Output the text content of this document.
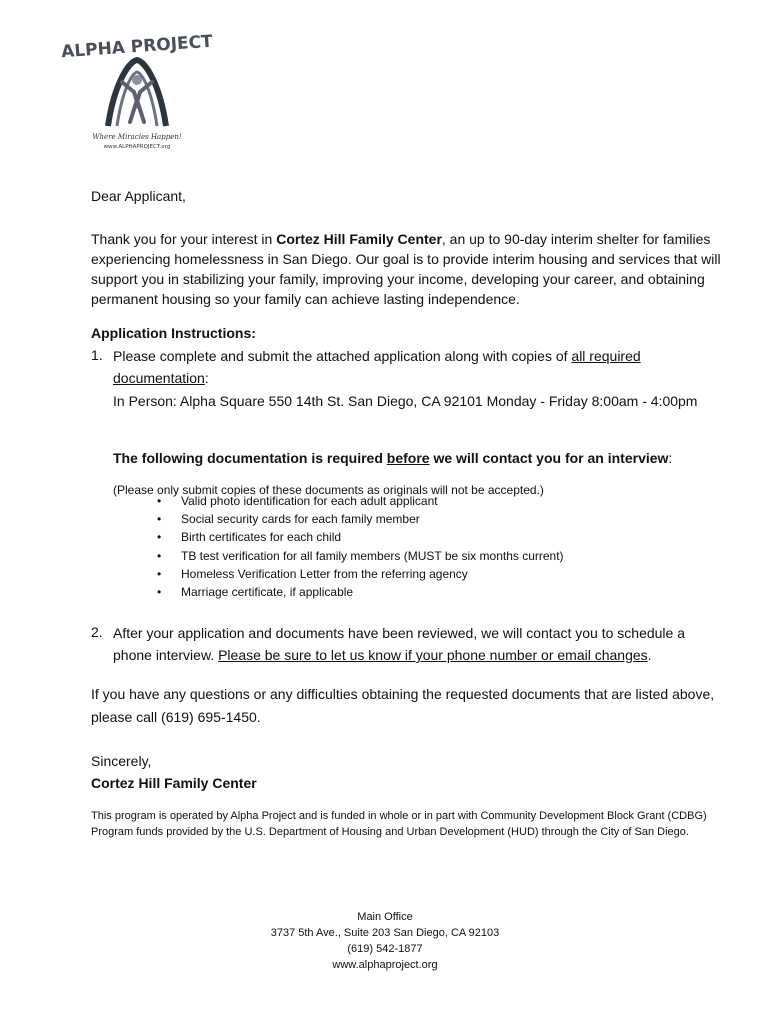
ALPHA PROJECT
Where Miracles Happen!
www.ALPHAPROJECT.org

Dear Applicant,

Thank you for your interest in Cortez Hill Family Center, an up to 90-day interim shelter for families experiencing homelessness in San Diego. Our goal is to provide interim housing and services that will support you in stabilizing your family, improving your income, developing your career, and obtaining permanent housing so your family can achieve lasting independence.

Application Instructions:

1. Please complete and submit the attached application along with copies of all required documentation:
In Person: Alpha Square 550 14th St. San Diego, CA 92101 Monday - Friday 8:00am - 4:00pm

The following documentation is required before we will contact you for an interview:

(Please only submit copies of these documents as originals will not be accepted.)

• Valid photo identification for each adult applicant
• Social security cards for each family member
• Birth certificates for each child
• TB test verification for all family members (MUST be six months current)
• Homeless Verification Letter from the referring agency
• Marriage certificate, if applicable
2. After your application and documents have been reviewed, we will contact you to schedule a phone interview. Please be sure to let us know if your phone number or email changes.

If you have any questions or any difficulties obtaining the requested documents that are listed above, please call (619) 695-1450.

Sincerely,

Cortez Hill Family Center

This program is operated by Alpha Project and is funded in whole or in part with Community Development Block Grant (CDBG) Program funds provided by the U.S. Department of Housing and Urban Development (HUD) through the City of San Diego.

Main Office
3737 5th Ave., Suite 203 San Diego, CA 92103
(619) 542-1877
www.alphaproject.org
